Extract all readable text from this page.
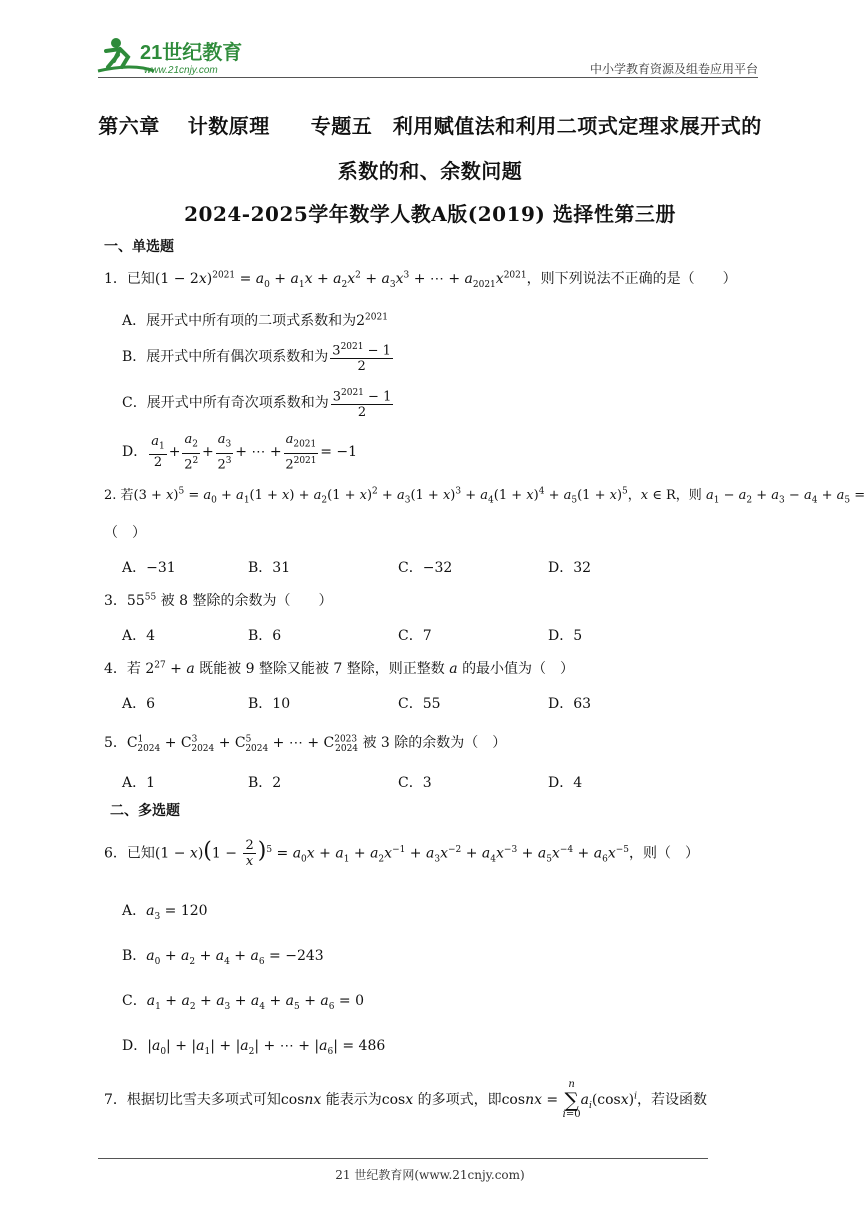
21世纪教育
www.21cnjy.com	中小学教育资源及组卷应用平台
第六章　 计数原理　　专题五　利用赋值法和利用二项式定理求展开式的
系数的和、余数问题
2024-2025学年数学人教A版(2019) 选择性第三册
一、单选题
1．已知$(1 - 2x)^{2021} = a_0 + a_1x + a_2x^2 + a_3x^3$ + ⋯ + $a_{2021}x^{2021}$，则下列说法不正确的是（　　）
A．展开式中所有项的二项式系数和为$2^{2021}$
B．展开式中所有偶次项系数和为 $\frac{3^{2021} - 1}{2}$
C．展开式中所有奇次项系数和为 $\frac{3^{2021} - 1}{2}$
D． $\frac{a_1}{2} + \frac{a_2}{2^2} + \frac{a_3}{2^3}$ + ⋯ + $\frac{a_{2021}}{2^{2021}} = -1$
2. 若$(3 + x)^5 = a_0 + a_1(1 + x) + a_2(1 + x)^2 + a_3(1 + x)^3 + a_4(1 + x)^4 + a_5(1 + x)^5$，x ∈ R，则 $a_1 - a_2 + a_3 - a_4 + a_5$ =
（　）
A．−31	B．31	C．−32	D．32
3．$55^{55}$ 被 8 整除的余数为（　　）
A．4	B．6	C．7	D．5
4．若 $2^{27} + a$ 既能被 9 整除又能被 7 整除，则正整数 a 的最小值为（　）
A．6	B．10	C．55	D．63
5．$C^1_{2024} + C^3_{2024} + C^5_{2024}$ + ⋯ + $C^{2023}_{2024}$ 被 3 除的余数为（　）
A．1	B．2	C．3	D．4
二、多选题
6．已知$(1 - x)(1 - \frac{2}{x} )^5 = a_0x + a_1 + a_2x^{-1} + a_3x^{-2} + a_4x^{-3} + a_5x^{-4} + a_6x^{-5}$，则（　）
A．$a_3 = 120$
B．$a_0 + a_2 + a_4 + a_6 = -243$
C．$a_1 + a_2 + a_3 + a_4 + a_5 + a_6 = 0$
D．$|a_0| + |a_1| + |a_2|$ + ⋯ + $|a_6| = 486$
7．根据切比雪夫多项式可知cosnx 能表示为cosx 的多项式，即cosnx = n
∑
$i=0a_i(\cos x)^i$，若设函数
21 世纪教育网(www.21cnjy.com)
